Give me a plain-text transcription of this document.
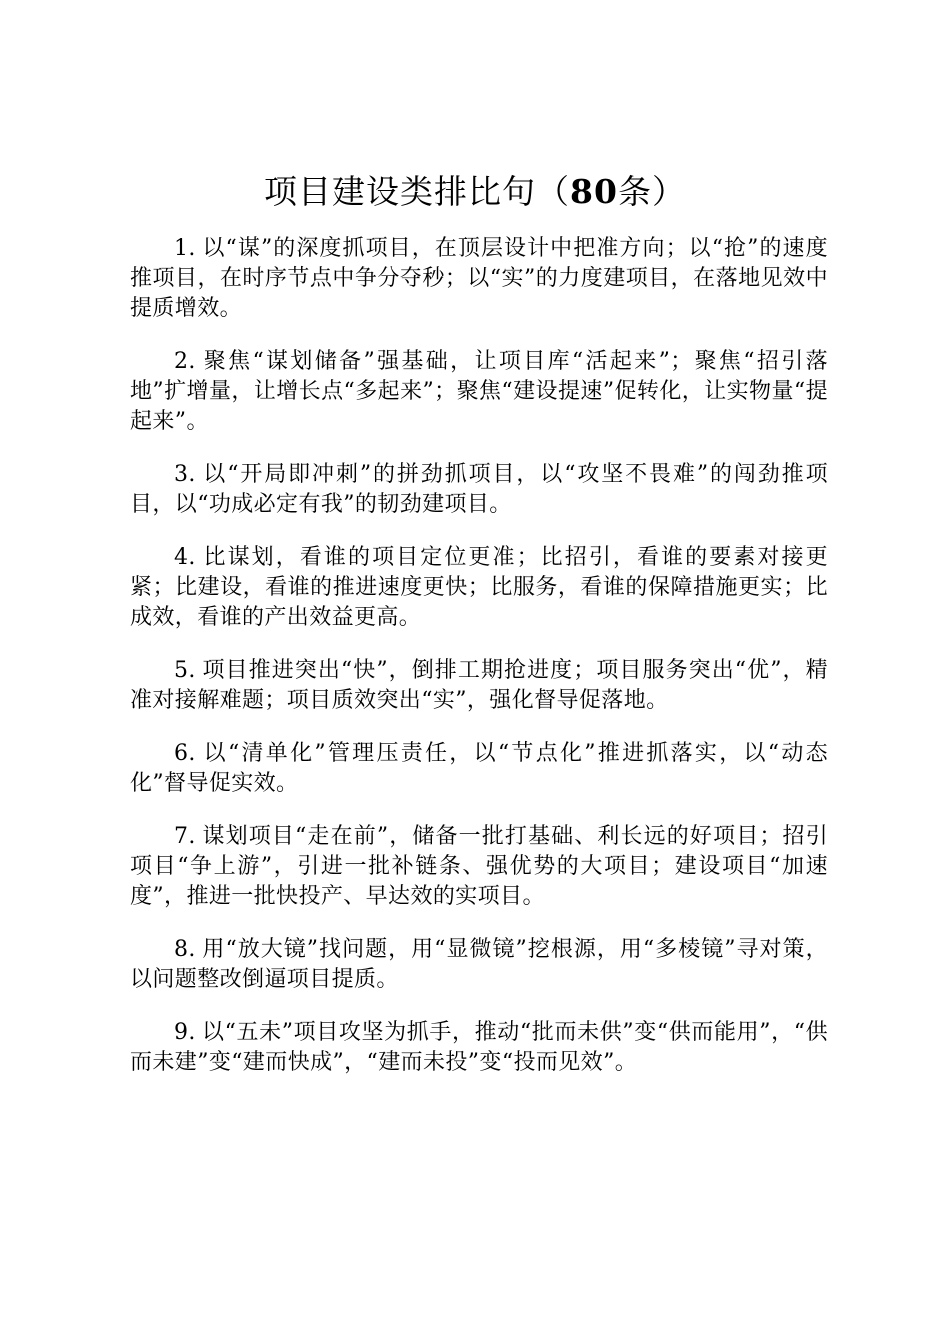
项目建设类排比句（80条）

1. 以“谋”的深度抓项目，在顶层设计中把准方向；以“抢”的速度推项目，在时序节点中争分夺秒；以“实”的力度建项目，在落地见效中提质增效。

2. 聚焦“谋划储备”强基础，让项目库“活起来”；聚焦“招引落地”扩增量，让增长点“多起来”；聚焦“建设提速”促转化，让实物量“提起来”。

3. 以“开局即冲刺”的拼劲抓项目，以“攻坚不畏难”的闯劲推项目，以“功成必定有我”的韧劲建项目。

4. 比谋划，看谁的项目定位更准；比招引，看谁的要素对接更紧；比建设，看谁的推进速度更快；比服务，看谁的保障措施更实；比成效，看谁的产出效益更高。

5. 项目推进突出“快”，倒排工期抢进度；项目服务突出“优”，精准对接解难题；项目质效突出“实”，强化督导促落地。

6. 以“清单化”管理压责任，以“节点化”推进抓落实，以“动态化”督导促实效。

7. 谋划项目“走在前”，储备一批打基础、利长远的好项目；招引项目“争上游”，引进一批补链条、强优势的大项目；建设项目“加速度”，推进一批快投产、早达效的实项目。

8. 用“放大镜”找问题，用“显微镜”挖根源，用“多棱镜”寻对策，以问题整改倒逼项目提质。

9. 以“五未”项目攻坚为抓手，推动“批而未供”变“供而能用”，“供而未建”变“建而快成”，“建而未投”变“投而见效”。
